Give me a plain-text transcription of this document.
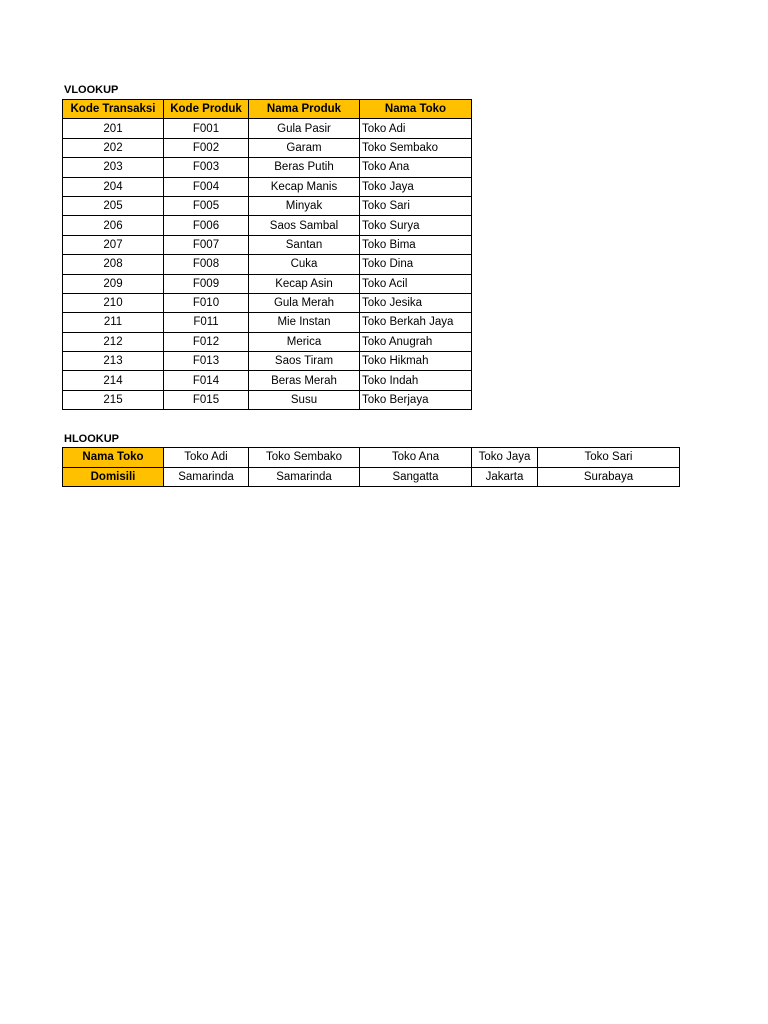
VLOOKUP
Kode Transaksi	Kode Produk	Nama Produk	Nama Toko
201	F001	Gula Pasir	Toko Adi
202	F002	Garam	Toko Sembako
203	F003	Beras Putih	Toko Ana
204	F004	Kecap Manis	Toko Jaya
205	F005	Minyak	Toko Sari
206	F006	Saos Sambal	Toko Surya
207	F007	Santan	Toko Bima
208	F008	Cuka	Toko Dina
209	F009	Kecap Asin	Toko Acil
210	F010	Gula Merah	Toko Jesika
211	F011	Mie Instan	Toko Berkah Jaya
212	F012	Merica	Toko Anugrah
213	F013	Saos Tiram	Toko Hikmah
214	F014	Beras Merah	Toko Indah
215	F015	Susu	Toko Berjaya
HLOOKUP
Nama Toko	Toko Adi	Toko Sembako	Toko Ana	Toko Jaya	Toko Sari
Domisili	Samarinda	Samarinda	Sangatta	Jakarta	Surabaya
